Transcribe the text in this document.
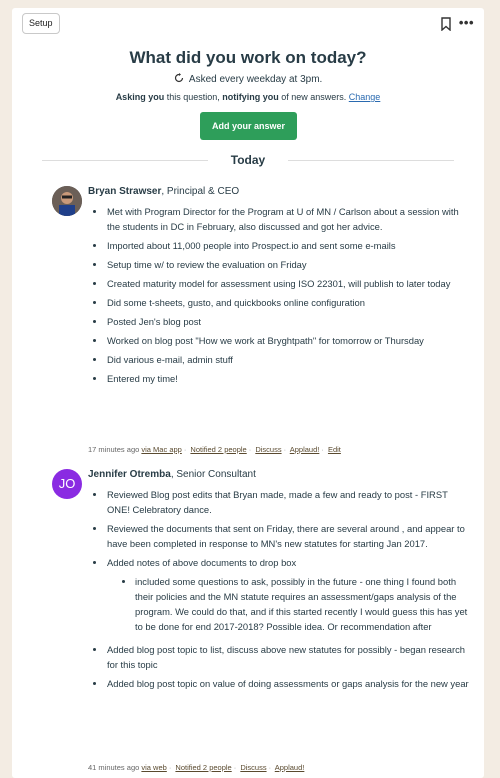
Setup	•••
What did you work on today?
Asked every weekday at 3pm.
Asking you this question, notifying you of new answers. Change
Add your answer
Today
Bryan Strawser, Principal & CEO
Met with Program Director for the Program at U of MN / Carlson about a session with the students in DC in February, also discussed and got her advice.
Imported about 11,000 people into Prospect.io and sent some e-mails
Setup time w/ to review the evaluation on Friday
Created maturity model for assessment using ISO 22301, will publish to later today
Did some t-sheets, gusto, and quickbooks online configuration
Posted Jen's blog post
Worked on blog post "How we work at Bryghtpath" for tomorrow or Thursday
Did various e-mail, admin stuff
Entered my time!
17 minutes ago via Mac app · Notified 2 people · Discuss · Applaud! · Edit
JO
Jennifer Otremba, Senior Consultant
Reviewed Blog post edits that Bryan made, made a few and ready to post - FIRST ONE! Celebratory dance.
Reviewed the documents that sent on Friday, there are several around , and appear to have been completed in response to MN's new statutes for starting Jan 2017.
Added notes of above documents to drop box
included some questions to ask, possibly in the future - one thing I found both their policies and the MN statute requires an assessment/gaps analysis of the program. We could do that, and if this started recently I would guess this has yet to be done for end 2017-2018? Possible idea. Or recommendation after
Added blog post topic to list, discuss above new statutes for possibly - began research for this topic
Added blog post topic on value of doing assessments or gaps analysis for the new year
41 minutes ago via web · Notified 2 people · Discuss · Applaud!
